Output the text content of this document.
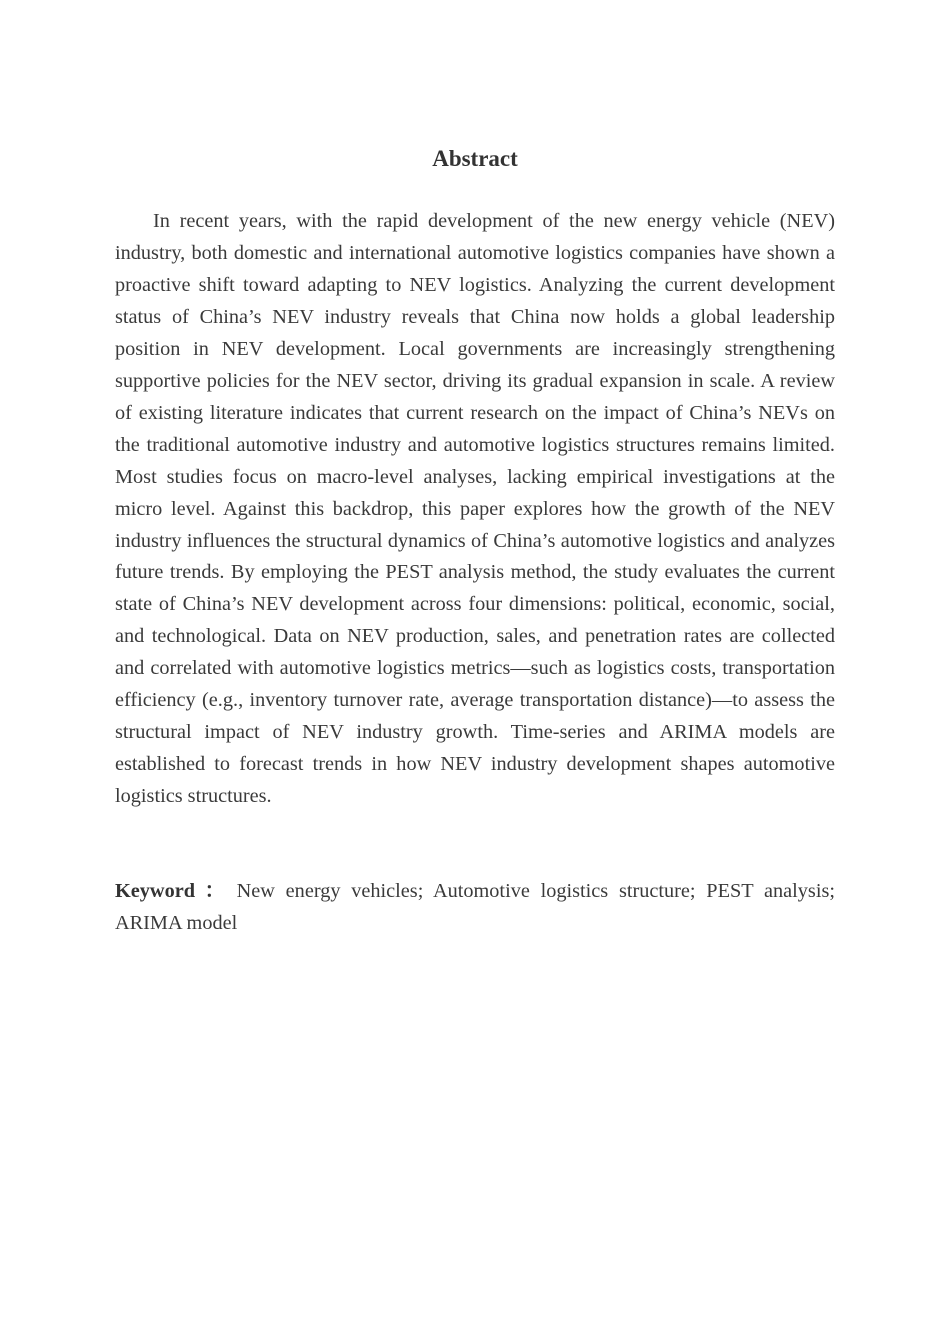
Abstract

In recent years, with the rapid development of the new energy vehicle (NEV) industry, both domestic and international automotive logistics companies have shown a proactive shift toward adapting to NEV logistics. Analyzing the current development status of China’s NEV industry reveals that China now holds a global leadership position in NEV development. Local governments are increasingly strengthening supportive policies for the NEV sector, driving its gradual expansion in scale. A review of existing literature indicates that current research on the impact of China’s NEVs on the traditional automotive industry and automotive logistics structures remains limited. Most studies focus on macro-level analyses, lacking empirical investigations at the micro level. Against this backdrop, this paper explores how the growth of the NEV industry influences the structural dynamics of China’s automotive logistics and analyzes future trends. By employing the PEST analysis method, the study evaluates the current state of China’s NEV development across four dimensions: political, economic, social, and technological. Data on NEV production, sales, and penetration rates are collected and correlated with automotive logistics metrics—such as logistics costs, transportation efficiency (e.g., inventory turnover rate, average transportation distance)—to assess the structural impact of NEV industry growth. Time-series and ARIMA models are established to forecast trends in how NEV industry development shapes automotive logistics structures.

Keyword ： New energy vehicles; Automotive logistics structure; PEST analysis; ARIMA model
